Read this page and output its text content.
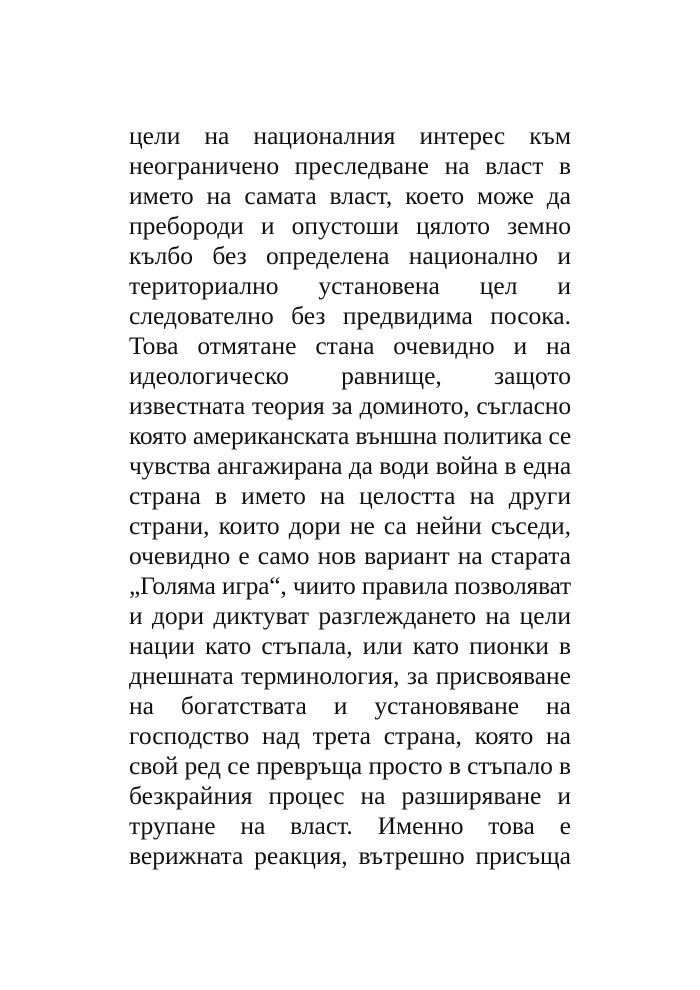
цели на националния интерес към
неограничено преследване на власт в
името на самата власт, което може да
пребороди и опустоши цялото земно
кълбо без определена национално и
териториално установена цел и
следователно без предвидима посока.
Това отмятане стана очевидно и на
идеологическо равнище, защото
известната теория за доминото, съгласно
която американската външна политика се
чувства ангажирана да води война в една
страна в името на целостта на други
страни, които дори не са нейни съседи,
очевидно е само нов вариант на старата
„Голяма игра“, чиито правила позволяват
и дори диктуват разглеждането на цели
нации като стъпала, или като пионки в
днешната терминология, за присвояване
на богатствата и установяване на
господство над трета страна, която на
свой ред се превръща просто в стъпало в
безкрайния процес на разширяване и
трупане на власт. Именно това е
верижната реакция, вътрешно присъща
